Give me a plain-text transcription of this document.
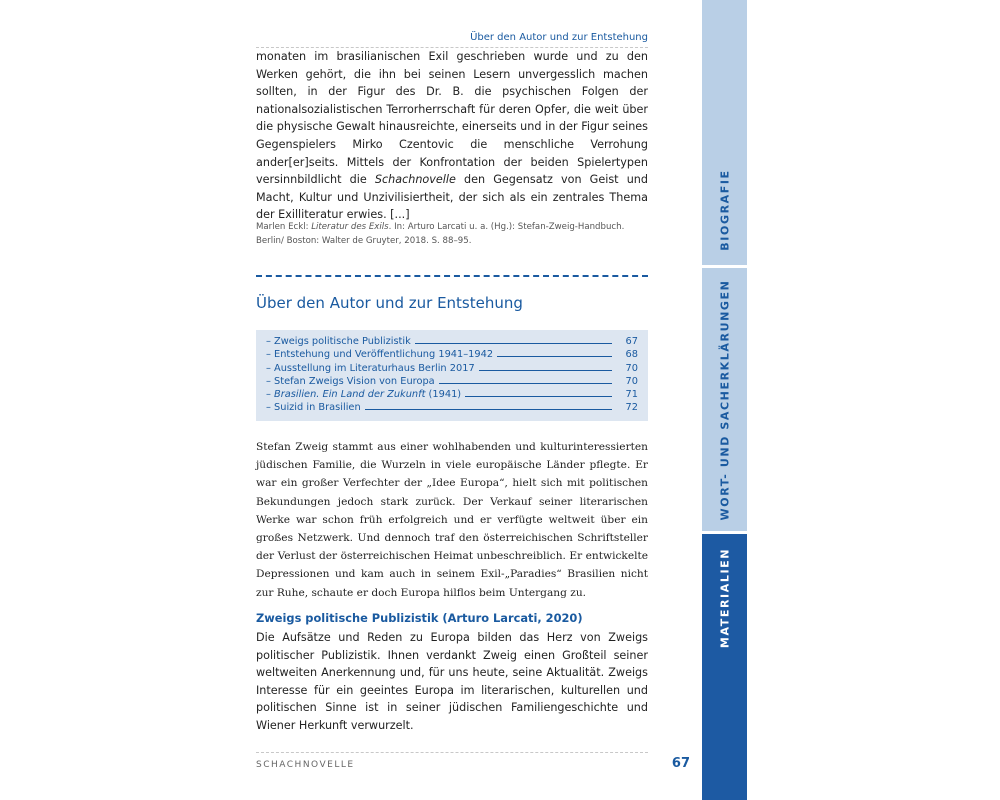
Über den Autor und zur Entstehung

monaten im brasilianischen Exil geschrieben wurde und zu den Werken gehört, die ihn bei seinen Lesern unvergesslich machen sollten, in der Figur des Dr. B. die psychischen Folgen der nationalsozialistischen Terrorherrschaft für deren Opfer, die weit über die physische Gewalt hinausreichte, einerseits und in der Figur seines Gegenspielers Mirko Czentovic die menschliche Verrohung ander[er]seits. Mittels der Konfrontation der beiden Spielertypen versinnbildlicht die Schachnovelle den Gegensatz von Geist und Macht, Kultur und Unzivilisiertheit, der sich als ein zentrales Thema der Exilliteratur erwies. [...]

Marlen Eckl: Literatur des Exils. In: Arturo Larcati u. a. (Hg.): Stefan-Zweig-Handbuch. Berlin/ Boston: Walter de Gruyter, 2018. S. 88–95.
Über den Autor und zur Entstehung
– Zweigs politische Publizistik	67
– Entstehung und Veröffentlichung 1941–1942	68
– Ausstellung im Literaturhaus Berlin 2017	70
– Stefan Zweigs Vision von Europa	70
– Brasilien. Ein Land der Zukunft (1941)	71
– Suizid in Brasilien	72

Stefan Zweig stammt aus einer wohlhabenden und kulturinteressierten jüdischen Familie, die Wurzeln in viele europäische Länder pflegte. Er war ein großer Verfechter der „Idee Europa“, hielt sich mit politischen Bekundungen jedoch stark zurück. Der Verkauf seiner literarischen Werke war schon früh erfolgreich und er verfügte weltweit über ein großes Netzwerk. Und dennoch traf den österreichischen Schriftsteller der Verlust der österreichischen Heimat unbeschreiblich. Er entwickelte Depressionen und kam auch in seinem Exil-„Paradies“ Brasilien nicht zur Ruhe, schaute er doch Europa hilflos beim Untergang zu.

Zweigs politische Publizistik (Arturo Larcati, 2020)

Die Aufsätze und Reden zu Europa bilden das Herz von Zweigs politischer Publizistik. Ihnen verdankt Zweig einen Großteil seiner weltweiten Anerkennung und, für uns heute, seine Aktualität. Zweigs Interesse für ein geeintes Europa im literarischen, kulturellen und politischen Sinne ist in seiner jüdischen Familiengeschichte und Wiener Herkunft verwurzelt.

SCHACHNOVELLE	67
BIOGRAFIE
WORT- UND SACHERKLÄRUNGEN
MATERIALIEN
